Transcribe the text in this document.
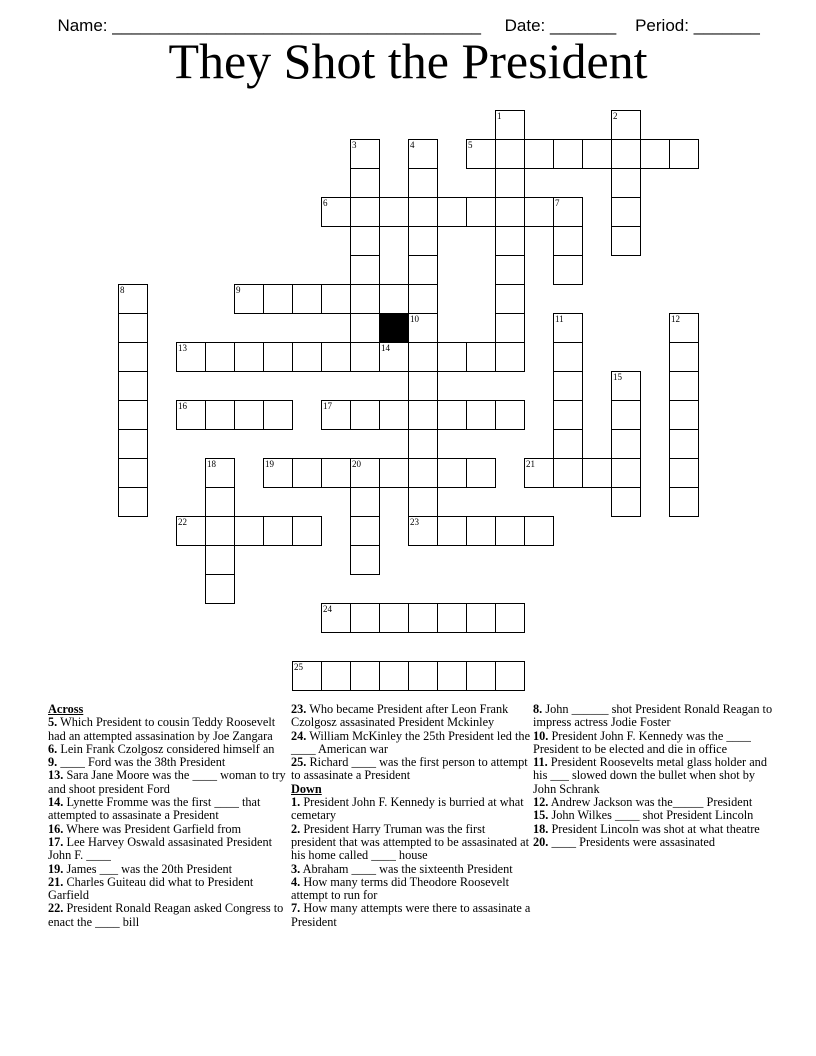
Name: _______________________________________ Date: _______ Period: _______

They Shot the President
5
6
9
13	14
16	17
19	20	21
22	23
24
25
1	2
3	4
7
8
10	11	12
15
18
Across
5. Which President to cousin Teddy Roosevelt had an attempted assasination by Joe Zangara
6. Lein Frank Czolgosz considered himself an
9. ____ Ford was the 38th President
13. Sara Jane Moore was the ____ woman to try and shoot president Ford
14. Lynette Fromme was the first ____ that attempted to assasinate a President
16. Where was President Garfield from
17. Lee Harvey Oswald assasinated President John F. ____
19. James ___ was the 20th President
21. Charles Guiteau did what to President Garfield
22. President Ronald Reagan asked Congress to enact the ____ bill
23. Who became President after Leon Frank Czolgosz assasinated President Mckinley
24. William McKinley the 25th President led the ____ American war
25. Richard ____ was the first person to attempt to assasinate a President
Down
1. President John F. Kennedy is burried at what cemetary
2. President Harry Truman was the first president that was attempted to be assasinated at his home called ____ house
3. Abraham ____ was the sixteenth President
4. How many terms did Theodore Roosevelt attempt to run for
7. How many attempts were there to assasinate a President
8. John ______ shot President Ronald Reagan to impress actress Jodie Foster
10. President John F. Kennedy was the ____ President to be elected and die in office
11. President Roosevelts metal glass holder and his ___ slowed down the bullet when shot by John Schrank
12. Andrew Jackson was the_____ President
15. John Wilkes ____ shot President Lincoln
18. President Lincoln was shot at what theatre
20. ____ Presidents were assasinated
